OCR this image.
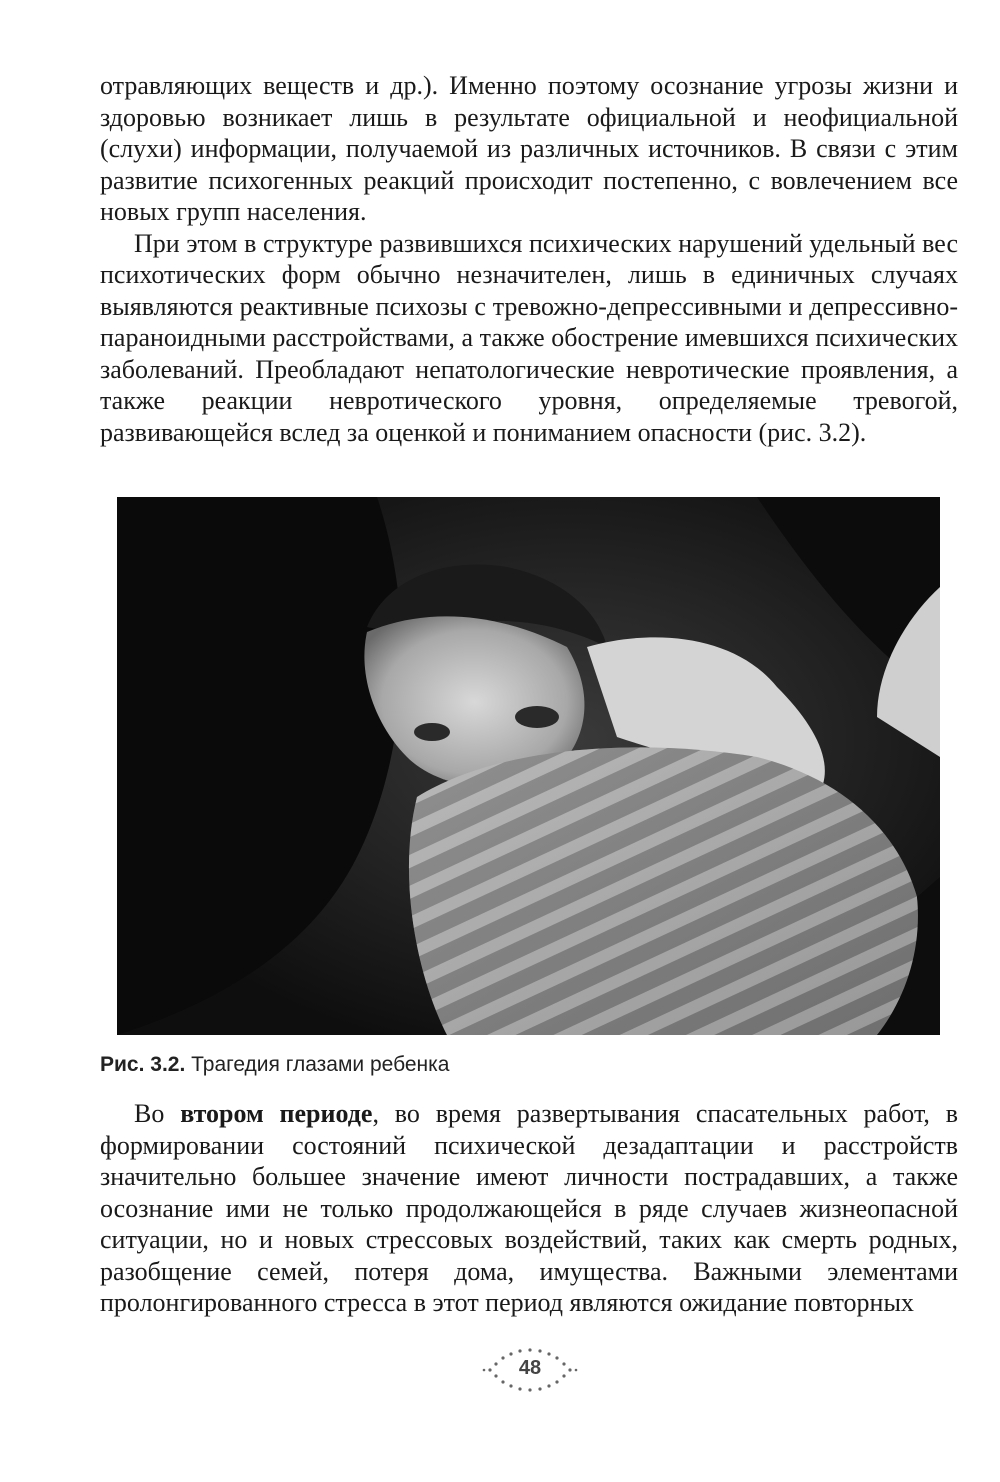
отравляющих веществ и др.). Именно поэтому осознание угрозы жизни и здоровью возникает лишь в результате официальной и неофициальной (слухи) информации, получаемой из различных источников. В связи с этим развитие психогенных реакций происходит постепенно, с вовлечением все новых групп населения.

При этом в структуре развившихся психических нарушений удельный вес психотических форм обычно незначителен, лишь в единичных случаях выявляются реактивные психозы с тревожно-депрессивными и депрессивно-параноидными расстройствами, а также обострение имевшихся психических заболеваний. Преобладают непатологические невротические проявления, а также реакции невротического уровня, определяемые тревогой, развивающейся вслед за оценкой и пониманием опасности (рис. 3.2).

Рис. 3.2. Трагедия глазами ребенка

Во втором периоде, во время развертывания спасательных работ, в формировании состояний психической дезадаптации и расстройств значительно большее значение имеют личности пострадавших, а также осознание ими не только продолжающейся в ряде случаев жизнеопасной ситуации, но и новых стрессовых воздействий, таких как смерть родных, разобщение семей, потеря дома, имущества. Важными элементами пролонгированного стресса в этот период являются ожидание повторных

48
